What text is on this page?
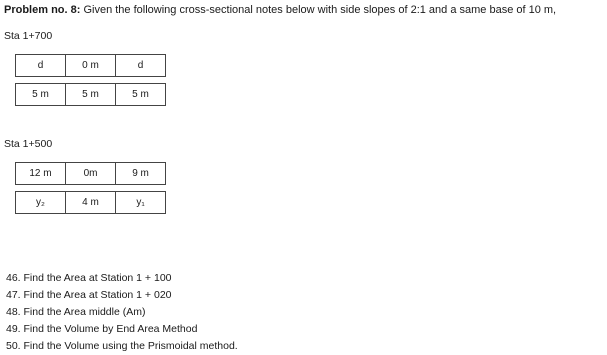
Problem no. 8: Given the following cross-sectional notes below with side slopes of 2:1 and a same base of 10 m,
Sta 1+700
d	0 m	d

5 m	5 m	5 m
Sta 1+500
12 m	0m	9 m

y₂	4 m	y₁
46. Find the Area at Station 1 + 100
47. Find the Area at Station 1 + 020
48. Find the Area middle (Am)
49. Find the Volume by End Area Method
50. Find the Volume using the Prismoidal method.
